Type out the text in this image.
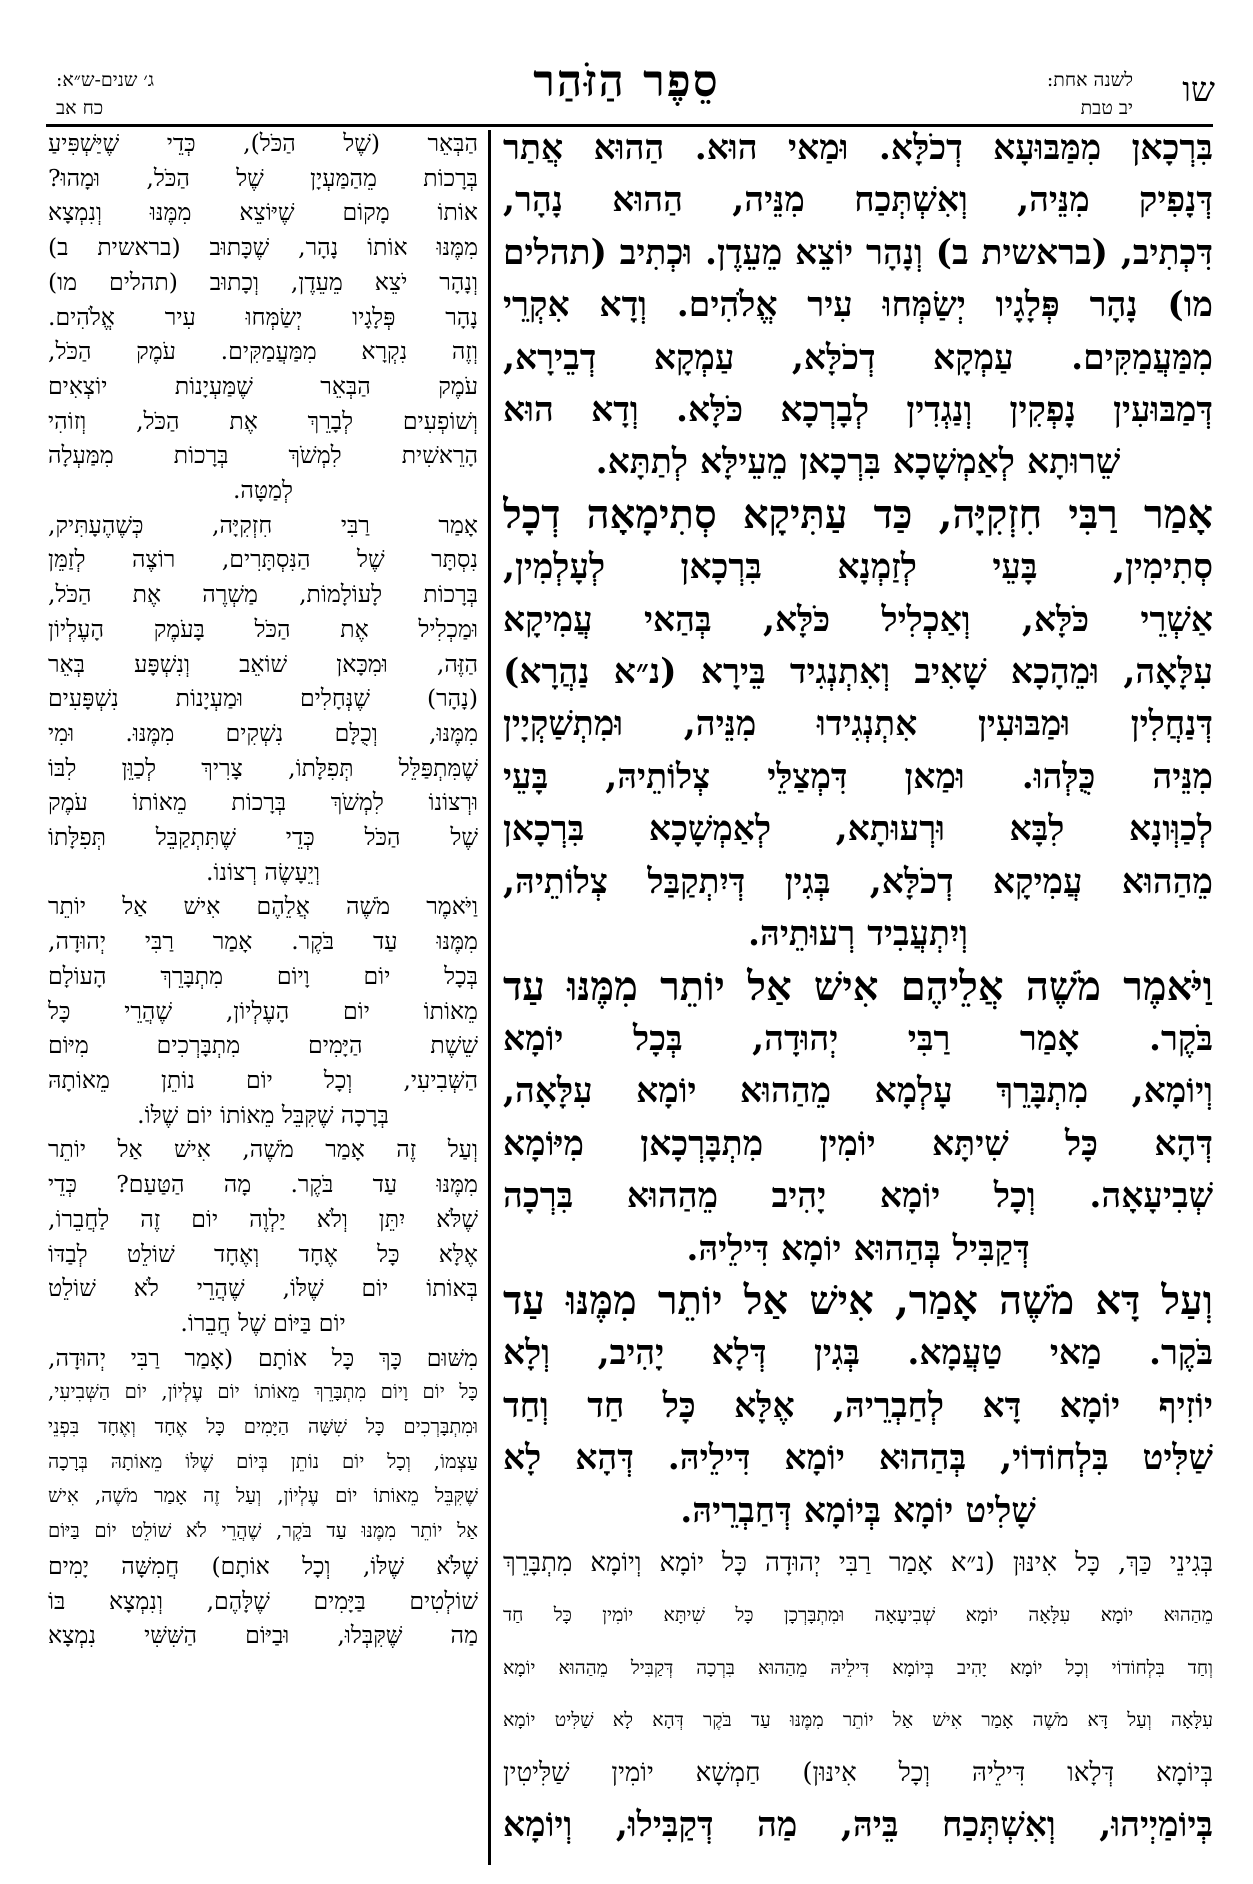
שו
לשנה אחת:
יב טבת
סֵפֶר הַזֹּהַר
ג׳ שנים-ש״א:
כח אב
בִּרְכָאן מִמַּבּוּעָא דְכֹלָּא. וּמַאי הוּא. הַהוּא אֲתַר
דְּנָפִיק מִנֵּיה, וְאִשְׁתְּכַח מִנֵּיה, הַהוּא נָהָר,
דִּכְתִיב, (בראשית ב) וְנָהָר יוֹצֵא מֵעֵדֶן. וּכְתִיב (תהלים
מו) נָהָר פְּלָגָיו יְשַׂמְּחוּ עִיר אֱלֹהִים. וְדָא אִקְרֵי
מִמַּעֲמַקִּים. עַמְקָא דְכֹלָּא, עַמְקָא דְבֵירָא,
דְּמַבּוּעִין נָפְקִין וְנַגְדִין לְבָרְכָא כֹּלָּא. וְדָא הוּא
שֵׁרוּתָא לְאַמְשָׁכָא בִּרְכָאן מֵעֵילָּא לְתַתָּא.
אָמַר רַבִּי חִזְקִיָּה, כַּד עַתִּיקָא סְתִימָאָה דְכָל
סְתִימִין, בָּעֵי לְזַמְנָא בִּרְכָאן לְעָלְמִין,
אַשְׁרֵי כֹּלָּא, וְאַכְלִיל כֹּלָּא, בְּהַאי עֲמִיקָא
עִלָּאָה, וּמֵהָכָא שָׁאִיב וְאִתְנְגִיד בֵּירָא (נ״א נַהֲרָא)
דְּנַחֲלִין וּמַבּוּעִין אִתְנְגִידוּ מִנֵּיה, וּמִתְשַׁקְיָין
מִנֵּיה כֻּלְּהוּ. וּמַאן דִּמְצַלֵּי צְלוֹתֵיהּ, בָּעֵי
לְכַוְּונָא לִבָּא וּרְעוּתָא, לְאַמְשָׁכָא בִּרְכָאן
מֵהַהוּא עֲמִיקָא דְכֹלָּא, בְּגִין דְּיִתְקַבַּל צְלוֹתֵיהּ,
וְיִתְעֲבִיד רְעוּתֵיהּ.
וַיֹּאמֶר מֹשֶׁה אֲלֵיהֶם אִישׁ אַל יוֹתֵר מִמֶּנּוּ עַד
בֹּקֶר. אָמַר רַבִּי יְהוּדָה, בְּכָל יוֹמָא
וְיוֹמָא, מִתְבָּרֵךְ עָלְמָא מֵהַהוּא יוֹמָא עִלָּאָה,
דְּהָא כָּל שִׁיתָּא יוֹמִין מִתְבָּרְכָאן מִיּוֹמָא
שְׁבִיעָאָה. וְכָל יוֹמָא יָהִיב מֵהַהוּא בִּרְכָה
דְּקַבִּיל בְּהַהוּא יוֹמָא דִּילֵיהּ.
וְעַל דָּא מֹשֶׁה אָמַר, אִישׁ אַל יוֹתֵר מִמֶּנּוּ עַד
בֹּקֶר. מַאי טַעֲמָא. בְּגִין דְּלָא יָהִיב, וְלָא
יוֹזִיף יוֹמָא דָּא לְחַבְרֵיהּ, אֶלָּא כָּל חַד וְחַד
שַׁלִּיט בִּלְחוֹדוֹי, בְּהַהוּא יוֹמָא דִּילֵיהּ. דְּהָא לָא
שָׁלִיט יוֹמָא בְּיוֹמָא דְּחַבְרֵיהּ.
בְּגִינֵי כַּךְ, כָּל אִינּוּן (נ״א אָמַר רַבִּי יְהוּדָה כָּל יוֹמָא וְיוֹמָא מִתְבָּרֵךְ
מֵהַהוּא יוֹמָא עִלָּאָה יוֹמָא שְׁבִיעָאָה וּמִתְבָּרְכָן כָּל שִׁיתָּא יוֹמִין כָּל חַד
וְחַד בִּלְחוֹדוֹי וְכָל יוֹמָא יָהִיב בְּיוֹמָא דִּילֵיהּ מֵהַהוּא בִּרְכָה דְּקַבִּיל מֵהַהוּא יוֹמָא
עִלָּאָה וְעַל דָּא מֹשֶׁה אָמַר אִישׁ אַל יוֹתֵר מִמֶּנּוּ עַד בֹּקֶר דְּהָא לָא שַׁלִּיט יוֹמָא
בְּיוֹמָא דְּלָאו דִּילֵיהּ וְכָל אִינּוּן) חַמְשָׁא יוֹמִין שַׁלִּיטִין
בְּיוֹמַיְיהוּ, וְאִשְׁתְּכַח בֵּיהּ, מַה דְּקַבִּילוּ, וְיוֹמָא
הַבְּאֵר (שֶׁל הַכֹּל), כְּדֵי שֶׁיַּשְׁפִּיעַ
בְּרָכוֹת מֵהַמַּעְיָן שֶׁל הַכֹּל, וּמָהוּ?
אוֹתוֹ מָקוֹם שֶׁיּוֹצֵא מִמֶּנּוּ וְנִמְצָא
מִמֶּנּוּ אוֹתוֹ נָהָר, שֶׁכָּתוּב (בראשית ב)
וְנָהָר יֹצֵא מֵעֵדֶן, וְכָתוּב (תהלים מו)
נָהָר פְּלָגָיו יְשַׂמְּחוּ עִיר אֱלֹהִים.
וְזֶה נִקְרָא מִמַּעֲמַקִּים. עֹמֶק הַכֹּל,
עֹמֶק הַבְּאֵר שֶׁמַּעְיָנוֹת יוֹצְאִים
וְשׁוֹפְעִים לְבָרֵךְ אֶת הַכֹּל, וְזוֹהִי
הָרֵאשִׁית לִמְשֹׁךְ בְּרָכוֹת מִמַּעְלָה
לְמַטָּה.
אָמַר רַבִּי חִזְקִיָּה, כְּשֶׁהֶעָתִּיק,
נִסְתָּר שֶׁל הַנִּסְתָּרִים, רוֹצֶה לְזַמֵּן
בְּרָכוֹת לָעוֹלָמוֹת, מַשְׁרֶה אֶת הַכֹּל,
וּמַכְלִיל אֶת הַכֹּל בָּעֹמֶק הָעֶלְיוֹן
הַזֶּה, וּמִכָּאן שׁוֹאֵב וְנִשְׁפָּע בְּאֵר
(נָהָר) שֶׁנְּחָלִים וּמַעְיָנוֹת נִשְׁפָּעִים
מִמֶּנּוּ, וְכֻלָּם נִשְׁקִים מִמֶּנּוּ. וּמִי
שֶׁמִּתְפַּלֵּל תְּפִלָּתוֹ, צָרִיךְ לְכַוֵּן לִבּוֹ
וּרְצוֹנוֹ לִמְשֹׁךְ בְּרָכוֹת מֵאוֹתוֹ עֹמֶק
שֶׁל הַכֹּל כְּדֵי שֶׁתִּתְקַבֵּל תְּפִלָּתוֹ
וְיֵעָשֶׂה רְצוֹנוֹ.
וַיֹּאמֶר מֹשֶׁה אֲלֵהֶם אִישׁ אַל יוֹתֵר
מִמֶּנּוּ עַד בֹּקֶר. אָמַר רַבִּי יְהוּדָה,
בְּכָל יוֹם וָיוֹם מִתְבָּרֵךְ הָעוֹלָם
מֵאוֹתוֹ יוֹם הָעֶלְיוֹן, שֶׁהֲרֵי כָּל
שֵׁשֶׁת הַיָּמִים מִתְבָּרְכִים מִיּוֹם
הַשְּׁבִיעִי, וְכָל יוֹם נוֹתֵן מֵאוֹתָהּ
בְּרָכָה שֶׁקִּבֵּל מֵאוֹתוֹ יוֹם שֶׁלּוֹ.
וְעַל זֶה אָמַר מֹשֶׁה, אִישׁ אַל יוֹתֵר
מִמֶּנּוּ עַד בֹּקֶר. מָה הַטַּעַם? כְּדֵי
שֶׁלֹּא יִתֵּן וְלֹא יַלְוֶה יוֹם זֶה לַחֲבֵרוֹ,
אֶלָּא כָּל אֶחָד וְאֶחָד שׁוֹלֵט לְבַדּוֹ
בְּאוֹתוֹ יוֹם שֶׁלּוֹ, שֶׁהֲרֵי לֹא שׁוֹלֵט
יוֹם בַּיּוֹם שֶׁל חֲבֵרוֹ.
מִשּׁוּם כָּךְ כָּל אוֹתָם (אָמַר רַבִּי יְהוּדָה,
כָּל יוֹם וָיוֹם מִתְבָּרֵךְ מֵאוֹתוֹ יוֹם עֶלְיוֹן, יוֹם הַשְּׁבִיעִי,
וּמִתְבָּרְכִים כָּל שִׁשָּׁה הַיָּמִים כָּל אֶחָד וְאֶחָד בִּפְנֵי
עַצְמוֹ, וְכָל יוֹם נוֹתֵן בְּיוֹם שֶׁלּוֹ מֵאוֹתָהּ בְּרָכָה
שֶׁקִּבֵּל מֵאוֹתוֹ יוֹם עֶלְיוֹן, וְעַל זֶה אָמַר מֹשֶׁה, אִישׁ
אַל יוֹתֵר מִמֶּנּוּ עַד בֹּקֶר, שֶׁהֲרֵי לֹא שׁוֹלֵט יוֹם בַּיּוֹם
שֶׁלֹּא שֶׁלּוֹ, וְכָל אוֹתָם) חֲמִשָּׁה יָמִים
שׁוֹלְטִים בַּיָּמִים שֶׁלָּהֶם, וְנִמְצָא בּוֹ
מַה שֶּׁקִּבְּלוּ, וּבַיּוֹם הַשִּׁשִּׁי נִמְצָא
